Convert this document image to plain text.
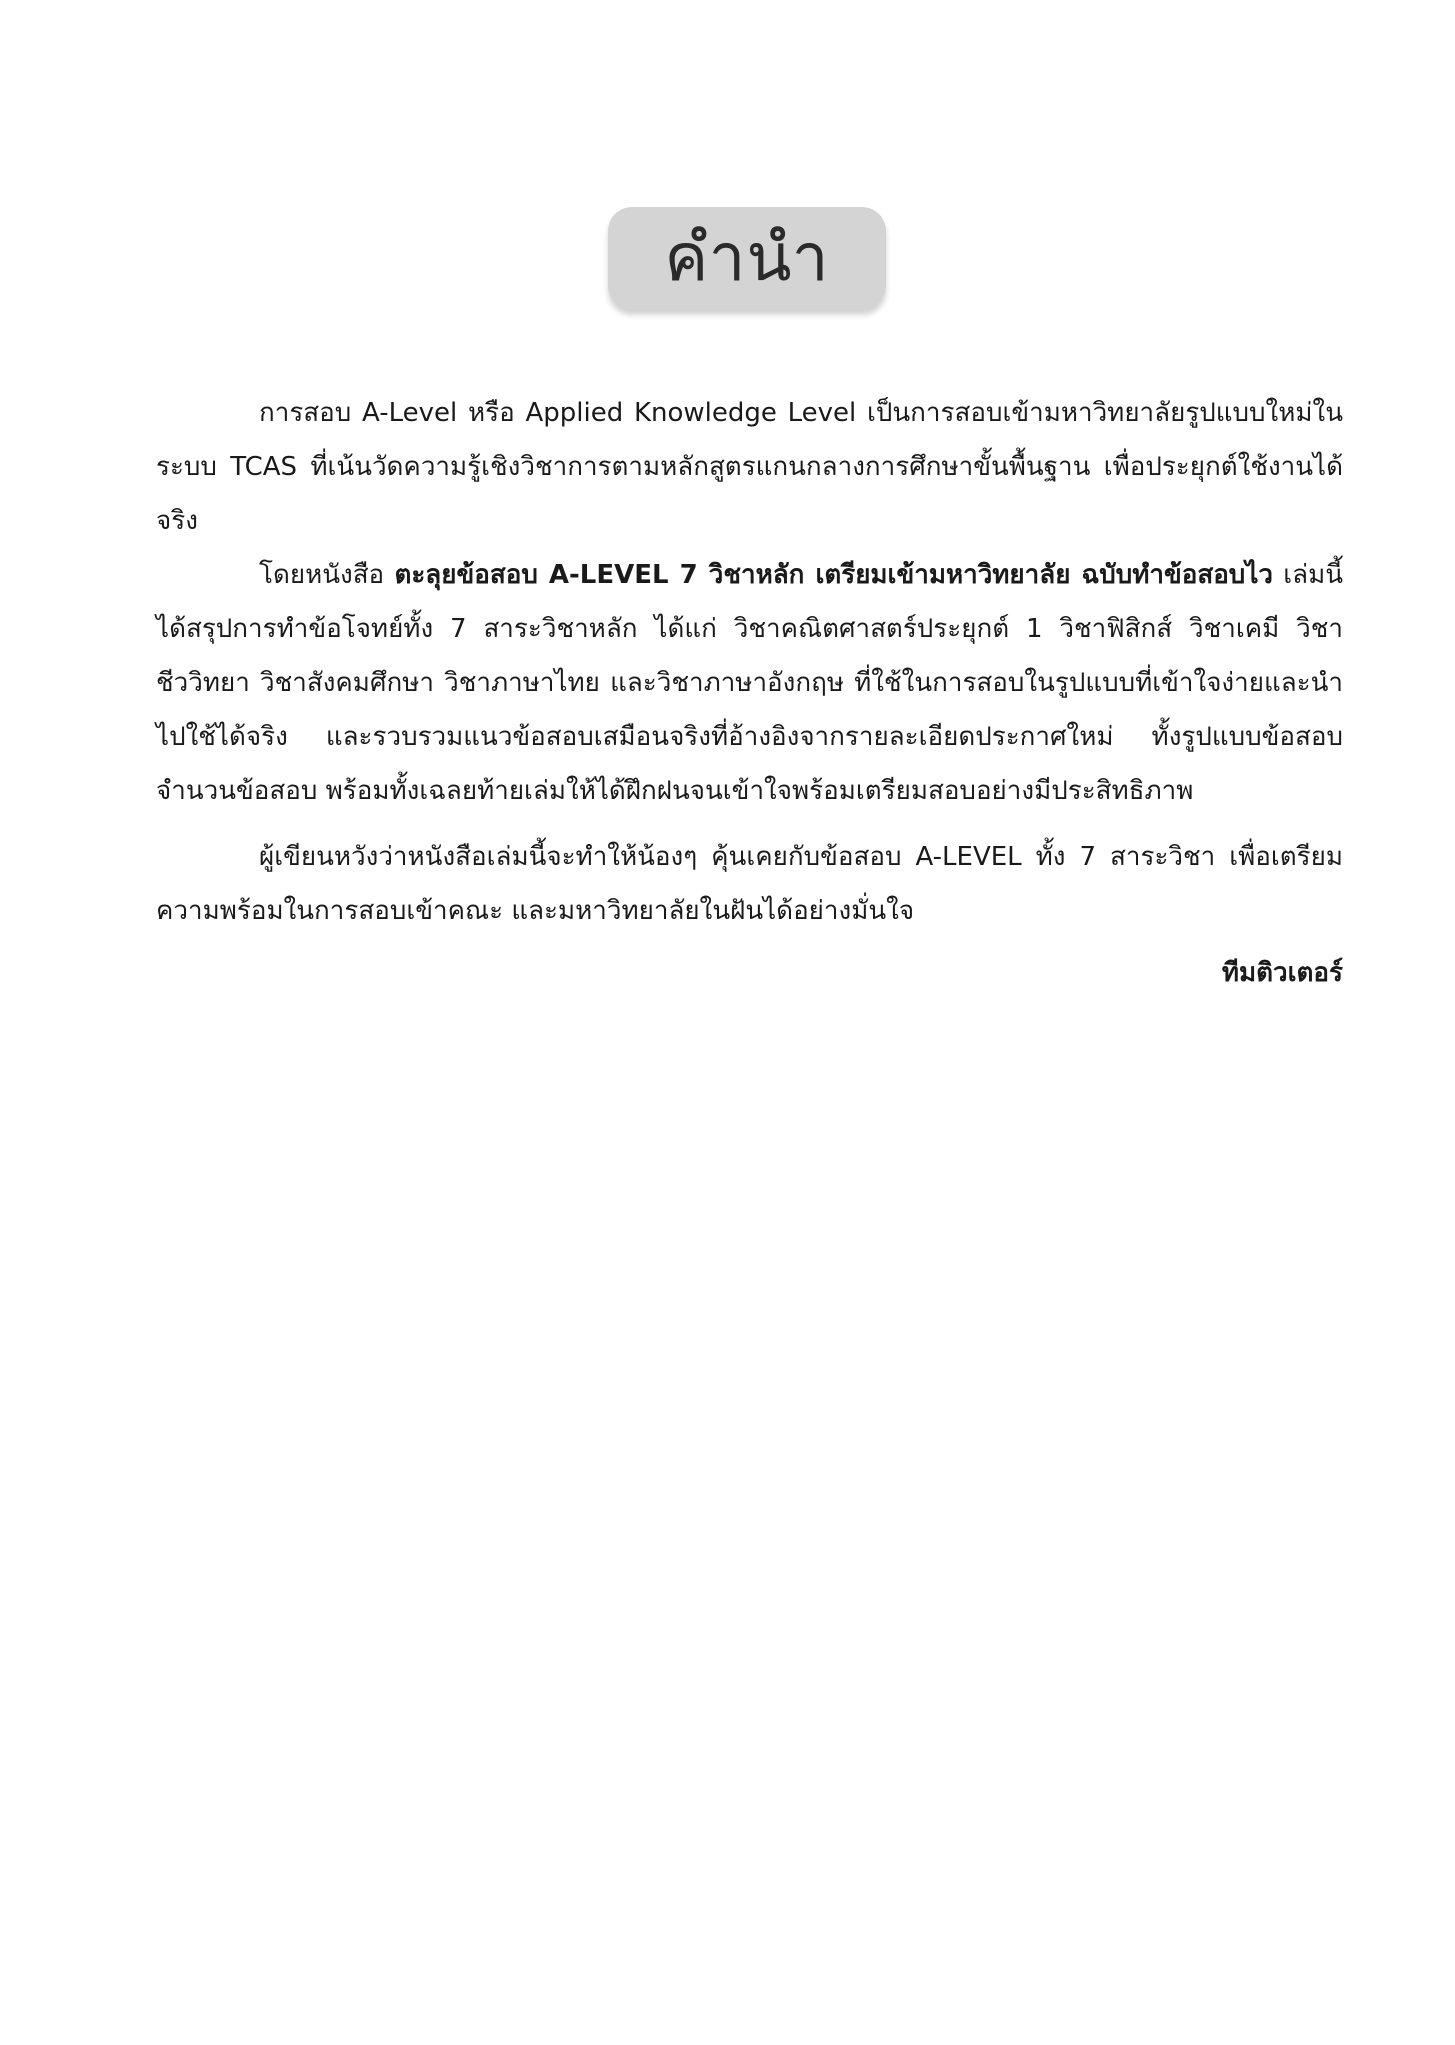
คำนำ

การสอบ A-Level หรือ Applied Knowledge Level เป็นการสอบเข้ามหาวิทยาลัยรูปแบบใหม่ในระบบ TCAS ที่เน้นวัดความรู้เชิงวิชาการตามหลักสูตรแกนกลางการศึกษาขั้นพื้นฐาน เพื่อประยุกต์ใช้งานได้จริง

โดยหนังสือ ตะลุยข้อสอบ A-LEVEL 7 วิชาหลัก เตรียมเข้ามหาวิทยาลัย ฉบับทำข้อสอบไว เล่มนี้ ได้สรุปการทำข้อโจทย์ทั้ง 7 สาระวิชาหลัก ได้แก่ วิชาคณิตศาสตร์ประยุกต์ 1 วิชาฟิสิกส์ วิชาเคมี วิชาชีววิทยา วิชาสังคมศึกษา วิชาภาษาไทย และวิชาภาษาอังกฤษ ที่ใช้ในการสอบในรูปแบบที่เข้าใจง่ายและนำไปใช้ได้จริง และรวบรวมแนวข้อสอบเสมือนจริงที่อ้างอิงจากรายละเอียดประกาศใหม่ ทั้งรูปแบบข้อสอบ จำนวนข้อสอบ พร้อมทั้งเฉลยท้ายเล่มให้ได้ฝึกฝนจนเข้าใจพร้อมเตรียมสอบอย่างมีประสิทธิภาพ

ผู้เขียนหวังว่าหนังสือเล่มนี้จะทำให้น้องๆ คุ้นเคยกับข้อสอบ A-LEVEL ทั้ง 7 สาระวิชา เพื่อเตรียมความพร้อมในการสอบเข้าคณะ และมหาวิทยาลัยในฝันได้อย่างมั่นใจ

ทีมติวเตอร์
